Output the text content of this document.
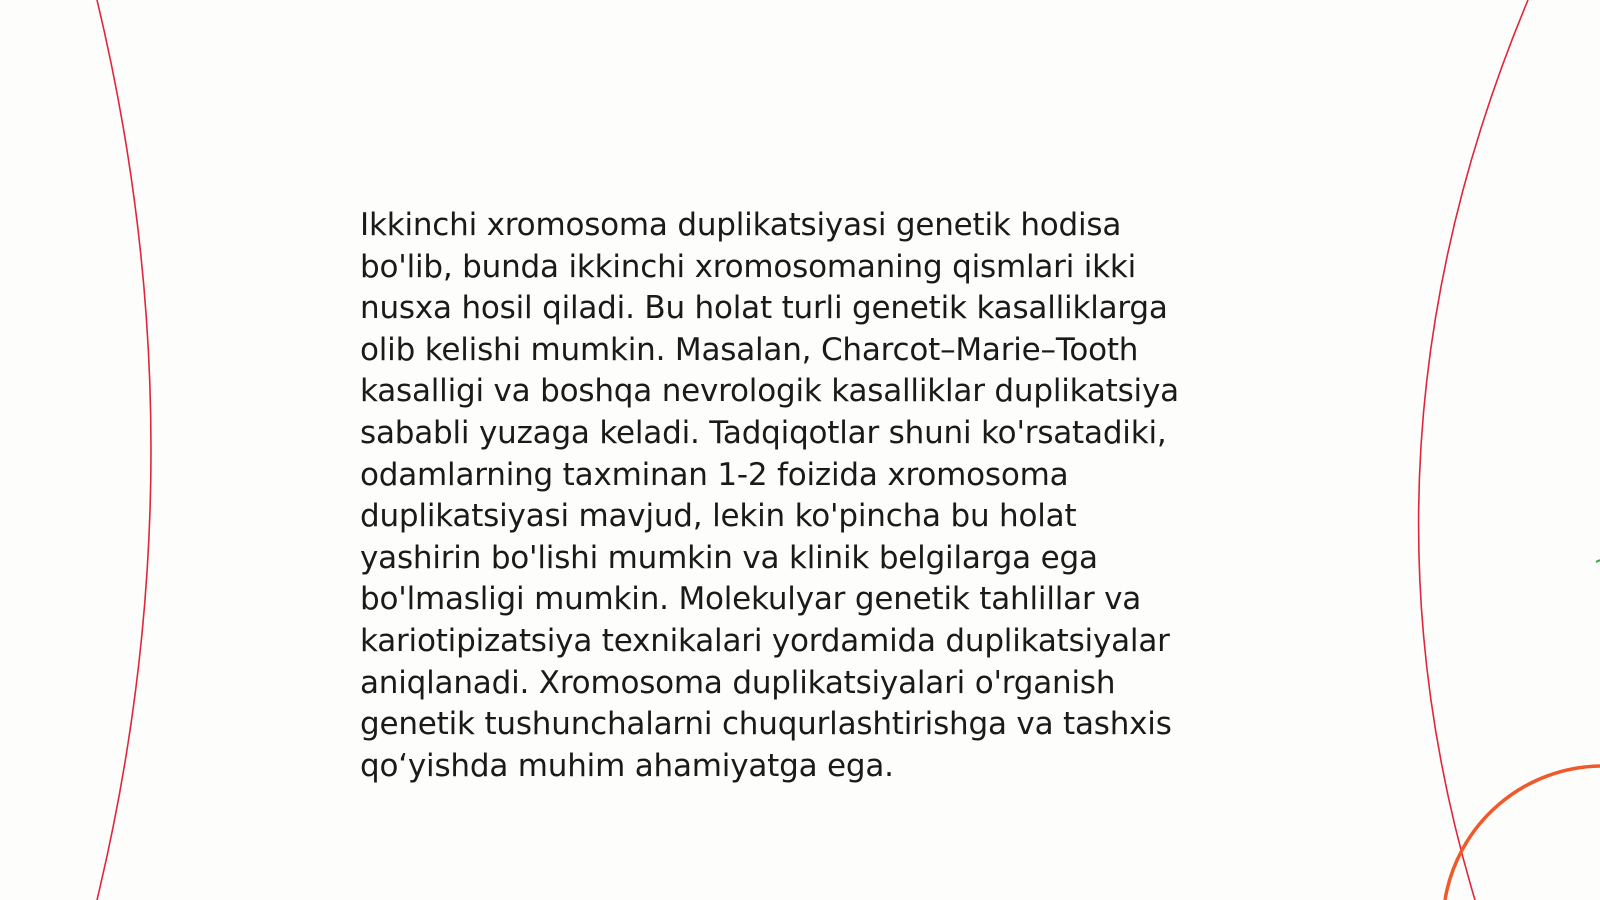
Ikkinchi xromosoma duplikatsiyasi genetik hodisa
bo'lib, bunda ikkinchi xromosomaning qismlari ikki
nusxa hosil qiladi. Bu holat turli genetik kasalliklarga
olib kelishi mumkin. Masalan, Charcot–Marie–Tooth
kasalligi va boshqa nevrologik kasalliklar duplikatsiya
sababli yuzaga keladi. Tadqiqotlar shuni ko'rsatadiki,
odamlarning taxminan 1-2 foizida xromosoma
duplikatsiyasi mavjud, lekin ko'pincha bu holat
yashirin bo'lishi mumkin va klinik belgilarga ega
bo'lmasligi mumkin. Molekulyar genetik tahlillar va
kariotipizatsiya texnikalari yordamida duplikatsiyalar
aniqlanadi. Xromosoma duplikatsiyalari o'rganish
genetik tushunchalarni chuqurlashtirishga va tashxis
qo‘yishda muhim ahamiyatga ega.
